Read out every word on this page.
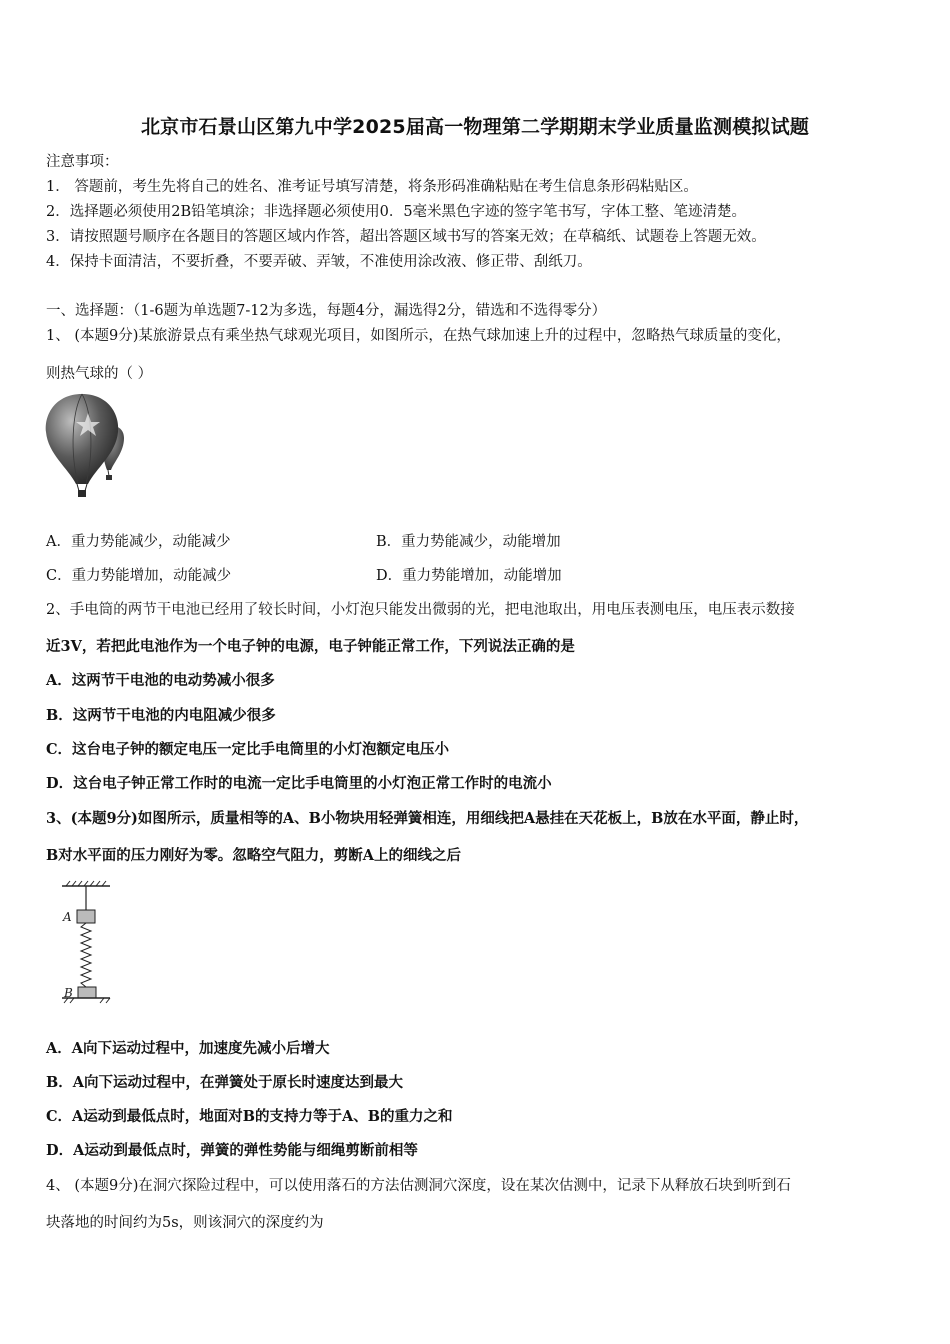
北京市石景山区第九中学2025届高一物理第二学期期末学业质量监测模拟试题
注意事项：
1． 答题前，考生先将自己的姓名、准考证号填写清楚，将条形码准确粘贴在考生信息条形码粘贴区。
2．选择题必须使用2B铅笔填涂；非选择题必须使用0．5毫米黑色字迹的签字笔书写，字体工整、笔迹清楚。
3．请按照题号顺序在各题目的答题区域内作答，超出答题区域书写的答案无效；在草稿纸、试题卷上答题无效。
4．保持卡面清洁，不要折叠，不要弄破、弄皱，不准使用涂改液、修正带、刮纸刀。
一、选择题：（1-6题为单选题7-12为多选，每题4分，漏选得2分，错选和不选得零分）
1、 (本题9分)某旅游景点有乘坐热气球观光项目，如图所示，在热气球加速上升的过程中，忽略热气球质量的变化，
则热气球的（ ）
A．重力势能减少，动能减少	B．重力势能减少，动能增加
C．重力势能增加，动能减少	D．重力势能增加，动能增加
2、手电筒的两节干电池已经用了较长时间，小灯泡只能发出微弱的光，把电池取出，用电压表测电压，电压表示数接
近3V，若把此电池作为一个电子钟的电源，电子钟能正常工作，下列说法正确的是
A．这两节干电池的电动势减小很多
B．这两节干电池的内电阻减少很多
C．这台电子钟的额定电压一定比手电筒里的小灯泡额定电压小
D．这台电子钟正常工作时的电流一定比手电筒里的小灯泡正常工作时的电流小
3、(本题9分)如图所示，质量相等的A、B小物块用轻弹簧相连，用细线把A悬挂在天花板上，B放在水平面，静止时，
B对水平面的压力刚好为零。忽略空气阻力，剪断A上的细线之后
A
B
A．A向下运动过程中，加速度先减小后增大
B．A向下运动过程中，在弹簧处于原长时速度达到最大
C．A运动到最低点时，地面对B的支持力等于A、B的重力之和
D．A运动到最低点时，弹簧的弹性势能与细绳剪断前相等
4、 (本题9分)在洞穴探险过程中，可以使用落石的方法估测洞穴深度，设在某次估测中，记录下从释放石块到听到石
块落地的时间约为5s，则该洞穴的深度约为
